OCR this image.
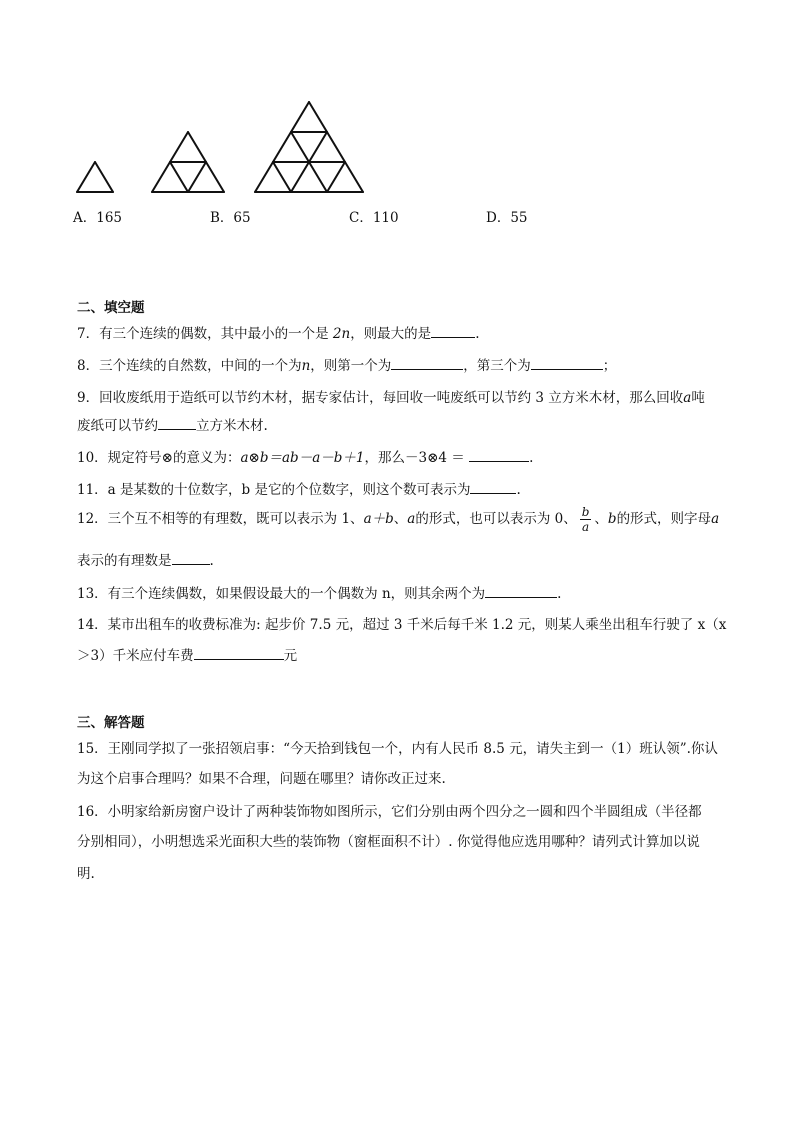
A．165	B．65	C．110	D．55
二、填空题
7．有三个连续的偶数，其中最小的一个是 2n，则最大的是	.
8．三个连续的自然数，中间的一个为n，则第一个为	，第三个为	；
9．回收废纸用于造纸可以节约木材，据专家估计，每回收一吨废纸可以节约 3 立方米木材，那么回收a吨
废纸可以节约	立方米木材.
10．规定符号⊗的意义为：a⊗b＝ab－a－b＋1，那么－3⊗4 ＝	.
11．a 是某数的十位数字，b 是它的个位数字，则这个数可表示为	.
12．三个互不相等的有理数，既可以表示为 1、a＋b、a的形式，也可以表示为 0、 $\frac{b}{a}$ 、b的形式，则字母a
表示的有理数是	.
13．有三个连续偶数，如果假设最大的一个偶数为 n，则其余两个为	.
14．某市出租车的收费标准为: 起步价 7.5 元，超过 3 千米后每千米 1.2 元，则某人乘坐出租车行驶了 x（x
＞3）千米应付车费	元
三、解答题
15．王刚同学拟了一张招领启事：“今天拾到钱包一个，内有人民币 8.5 元，请失主到一（1）班认领”.你认
为这个启事合理吗？如果不合理，问题在哪里？请你改正过来.
16．小明家给新房窗户设计了两种装饰物如图所示，它们分别由两个四分之一圆和四个半圆组成（半径都
分别相同），小明想选采光面积大些的装饰物（窗框面积不计）. 你觉得他应选用哪种？请列式计算加以说
明.
